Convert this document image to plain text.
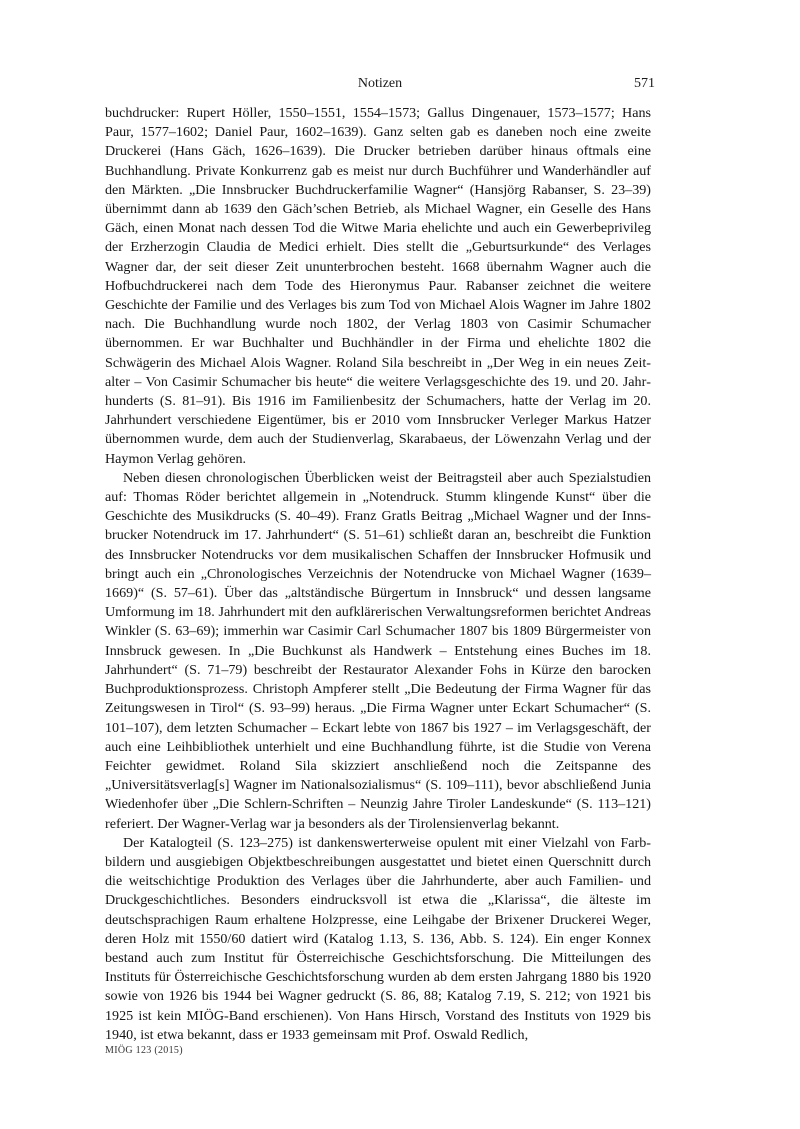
Notizen	571

buchdrucker: Rupert Höller, 1550–1551, 1554–1573; Gallus Dingenauer, 1573–1577; Hans Paur, 1577–1602; Daniel Paur, 1602–1639). Ganz selten gab es daneben noch eine zweite Druckerei (Hans Gäch, 1626–1639). Die Drucker betrieben darüber hinaus oftmals eine Buchhandlung. Private Konkurrenz gab es meist nur durch Buchführer und Wanderhändler auf den Märkten. „Die Innsbrucker Buchdruckerfamilie Wagner“ (Hansjörg Rabanser, S. 23–39) übernimmt dann ab 1639 den Gäch’schen Betrieb, als Michael Wagner, ein Geselle des Hans Gäch, einen Monat nach dessen Tod die Witwe Maria ehelichte und auch ein Gewerbeprivileg der Erzherzogin Claudia de Medici erhielt. Dies stellt die „Geburtsurkunde“ des Verlages Wagner dar, der seit dieser Zeit ununterbrochen besteht. 1668 übernahm Wagner auch die Hofbuchdruckerei nach dem Tode des Hieronymus Paur. Rabanser zeichnet die weitere Geschichte der Familie und des Verlages bis zum Tod von Michael Alois Wagner im Jahre 1802 nach. Die Buchhandlung wurde noch 1802, der Verlag 1803 von Casimir Schumacher übernommen. Er war Buchhalter und Buchhändler in der Firma und ehelichte 1802 die Schwägerin des Michael Alois Wagner. Roland Sila beschreibt in „Der Weg in ein neues Zeitalter – Von Casimir Schumacher bis heute“ die weitere Verlagsgeschichte des 19. und 20. Jahrhunderts (S. 81–91). Bis 1916 im Familienbesitz der Schumachers, hatte der Verlag im 20. Jahrhundert verschiedene Eigentümer, bis er 2010 vom Innsbrucker Verleger Markus Hatzer übernommen wurde, dem auch der Studienverlag, Skarabaeus, der Löwenzahn Verlag und der Haymon Verlag gehören.

Neben diesen chronologischen Überblicken weist der Beitragsteil aber auch Spezialstudien auf: Thomas Röder berichtet allgemein in „Notendruck. Stumm klingende Kunst“ über die Geschichte des Musikdrucks (S. 40–49). Franz Gratls Beitrag „Michael Wagner und der Innsbrucker Notendruck im 17. Jahrhundert“ (S. 51–61) schließt daran an, beschreibt die Funktion des Innsbrucker Notendrucks vor dem musikalischen Schaffen der Innsbrucker Hofmusik und bringt auch ein „Chronologisches Verzeichnis der Notendrucke von Michael Wagner (1639–1669)“ (S. 57–61). Über das „altständische Bürgertum in Innsbruck“ und dessen langsame Umformung im 18. Jahrhundert mit den aufklärerischen Verwaltungsreformen berichtet Andreas Winkler (S. 63–69); immerhin war Casimir Carl Schumacher 1807 bis 1809 Bürgermeister von Innsbruck gewesen. In „Die Buchkunst als Handwerk – Entstehung eines Buches im 18. Jahrhundert“ (S. 71–79) beschreibt der Restaurator Alexander Fohs in Kürze den barocken Buchproduktionsprozess. Christoph Ampferer stellt „Die Bedeutung der Firma Wagner für das Zeitungswesen in Tirol“ (S. 93–99) heraus. „Die Firma Wagner unter Eckart Schumacher“ (S. 101–107), dem letzten Schumacher – Eckart lebte von 1867 bis 1927 – im Verlagsgeschäft, der auch eine Leihbibliothek unterhielt und eine Buchhandlung führte, ist die Studie von Verena Feichter gewidmet. Roland Sila skizziert anschließend noch die Zeitspanne des „Universitätsverlag[s] Wagner im Nationalsozialismus“ (S. 109–111), bevor abschließend Junia Wiedenhofer über „Die Schlern-Schriften – Neunzig Jahre Tiroler Landeskunde“ (S. 113–121) referiert. Der Wagner-Verlag war ja besonders als der Tirolensienverlag bekannt.

Der Katalogteil (S. 123–275) ist dankenswerterweise opulent mit einer Vielzahl von Farbbildern und ausgiebigen Objektbeschreibungen ausgestattet und bietet einen Querschnitt durch die weitschichtige Produktion des Verlages über die Jahrhunderte, aber auch Familien- und Druckgeschichtliches. Besonders eindrucksvoll ist etwa die „Klarissa“, die älteste im deutschsprachigen Raum erhaltene Holzpresse, eine Leihgabe der Brixener Druckerei Weger, deren Holz mit 1550/60 datiert wird (Katalog 1.13, S. 136, Abb. S. 124). Ein enger Konnex bestand auch zum Institut für Österreichische Geschichtsforschung. Die Mitteilungen des Instituts für Österreichische Geschichtsforschung wurden ab dem ersten Jahrgang 1880 bis 1920 sowie von 1926 bis 1944 bei Wagner gedruckt (S. 86, 88; Katalog 7.19, S. 212; von 1921 bis 1925 ist kein MIÖG-Band erschienen). Von Hans Hirsch, Vorstand des Instituts von 1929 bis 1940, ist etwa bekannt, dass er 1933 gemeinsam mit Prof. Oswald Redlich,

MIÖG 123 (2015)
